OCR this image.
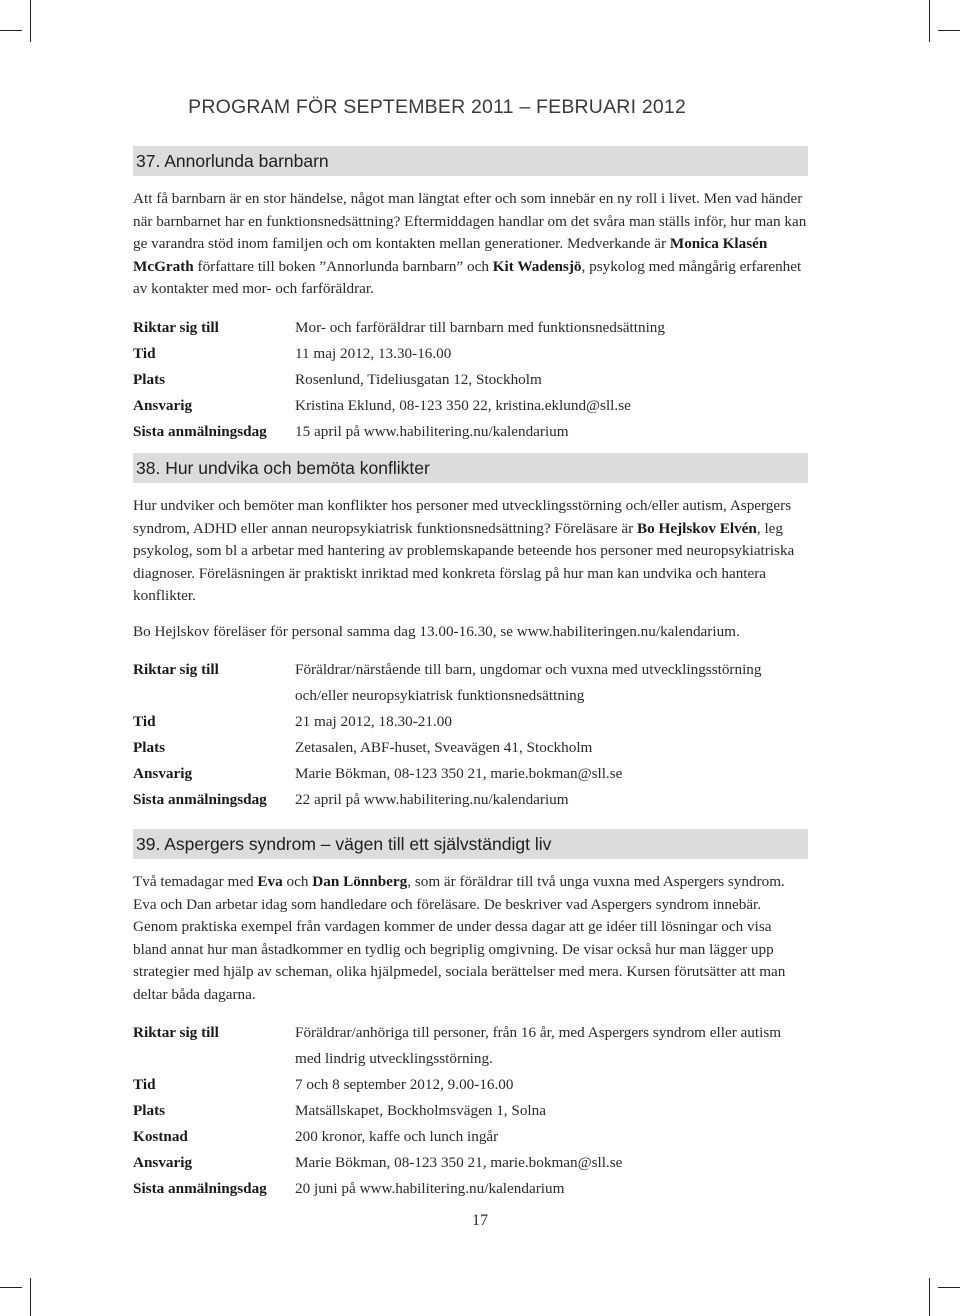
PROGRAM FÖR SEPTEMBER 2011 – FEBRUARI 2012
37. Annorlunda barnbarn

Att få barnbarn är en stor händelse, något man längtat efter och som innebär en ny roll i livet. Men vad händer när barnbarnet har en funktionsnedsättning? Eftermiddagen handlar om det svåra man ställs inför, hur man kan ge varandra stöd inom familjen och om kontakten mellan generationer. Medverkande är Monica Klasén McGrath författare till boken ”Annorlunda barnbarn” och Kit Wadensjö, psykolog med mångårig erfarenhet av kontakter med mor- och farföräldrar.

Riktar sig till	Mor- och farföräldrar till barnbarn med funktionsnedsättning
Tid	11 maj 2012, 13.30-16.00
Plats	Rosenlund, Tideliusgatan 12, Stockholm
Ansvarig	Kristina Eklund, 08-123 350 22, kristina.eklund@sll.se
Sista anmälningsdag	15 april på www.habilitering.nu/kalendarium
38. Hur undvika och bemöta konflikter

Hur undviker och bemöter man konflikter hos personer med utvecklingsstörning och/eller autism, Aspergers syndrom, ADHD eller annan neuropsykiatrisk funktionsnedsättning? Föreläsare är Bo Hejlskov Elvén, leg psykolog, som bl a arbetar med hantering av problemskapande beteende hos personer med neuropsykiatriska diagnoser. Föreläsningen är praktiskt inriktad med konkreta förslag på hur man kan undvika och hantera konflikter.

Bo Hejlskov föreläser för personal samma dag 13.00-16.30, se www.habiliteringen.nu/kalendarium.

Riktar sig till	Föräldrar/närstående till barn, ungdomar och vuxna med utvecklingsstörning och/eller neuropsykiatrisk funktionsnedsättning
Tid	21 maj 2012, 18.30-21.00
Plats	Zetasalen, ABF-huset, Sveavägen 41, Stockholm
Ansvarig	Marie Bökman, 08-123 350 21, marie.bokman@sll.se
Sista anmälningsdag	22 april på www.habilitering.nu/kalendarium
39. Aspergers syndrom – vägen till ett självständigt liv

Två temadagar med Eva och Dan Lönnberg, som är föräldrar till två unga vuxna med Aspergers syndrom. Eva och Dan arbetar idag som handledare och föreläsare. De beskriver vad Aspergers syndrom innebär. Genom praktiska exempel från vardagen kommer de under dessa dagar att ge idéer till lösningar och visa bland annat hur man åstadkommer en tydlig och begriplig omgivning. De visar också hur man lägger upp strategier med hjälp av scheman, olika hjälpmedel, sociala berättelser med mera. Kursen förutsätter att man deltar båda dagarna.

Riktar sig till	Föräldrar/anhöriga till personer, från 16 år, med Aspergers syndrom eller autism med lindrig utvecklingsstörning.
Tid	7 och 8 september 2012, 9.00-16.00
Plats	Matsällskapet, Bockholmsvägen 1, Solna
Kostnad	200 kronor, kaffe och lunch ingår
Ansvarig	Marie Bökman, 08-123 350 21, marie.bokman@sll.se
Sista anmälningsdag	20 juni på www.habilitering.nu/kalendarium
17
